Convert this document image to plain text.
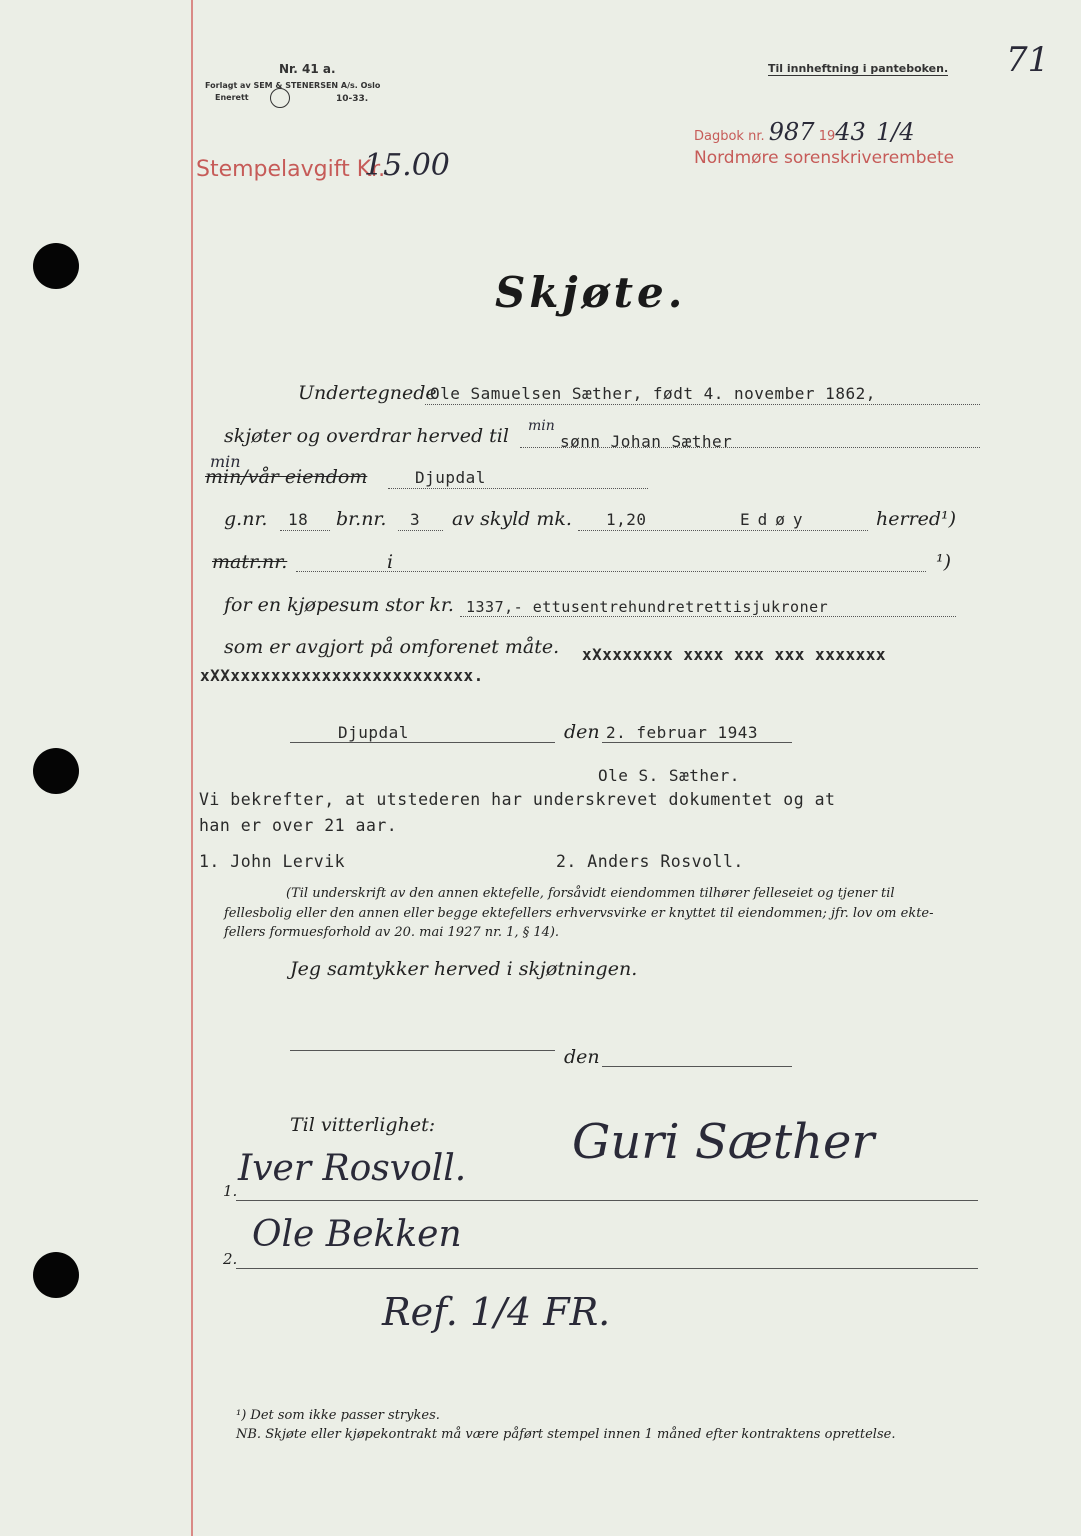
Nr. 41 a.
Forlagt av SEM & STENERSEN A/s. Oslo
Enerett	10-33.
Til innheftning i panteboken. 71
Dagbok nr. 987 1943 1/4
Nordmøre sorenskriverembete
Stempelavgift Kr.
15.00
Skjøte.
Undertegnede
Ole Samuelsen Sæther, født 4. november 1862,
skjøter og overdrar herved til min
sønn Johan Sæther
min
min/vår eiendom	Djupdal
g.nr. 18 br.nr. 3 av skyld mk. 1,20	Edøy	herred¹)
matr.nr.	i	¹)
for en kjøpesum stor kr. 1337,- ettusentrehundretrettisjukroner
som er avgjort på omforenet måte. xXxxxxxxx xxxx xxx xxx xxxxxxx
xXXxxxxxxxxxxxxxxxxxxxxxxxx.
Djupdal	den 2. februar 1943
Ole S. Sæther.
Vi bekrefter, at utstederen har underskrevet dokumentet og at
han er over 21 aar.
1. John Lervik	2. Anders Rosvoll.
(Til underskrift av den annen ektefelle, forsåvidt eiendommen tilhører felleseiet og tjener til
fellesbolig eller den annen eller begge ektefellers erhvervsvirke er knyttet til eiendommen; jfr. lov om ekte-
fellers formuesforhold av 20. mai 1927 nr. 1, § 14).
Jeg samtykker herved i skjøtningen.
den
Til vitterlighet:
1.
Iver Rosvoll. Guri Sæther
2.
Ole Bekken
Ref. 1/4 FR.
¹) Det som ikke passer strykes.
NB. Skjøte eller kjøpekontrakt må være påført stempel innen 1 måned efter kontraktens oprettelse.
